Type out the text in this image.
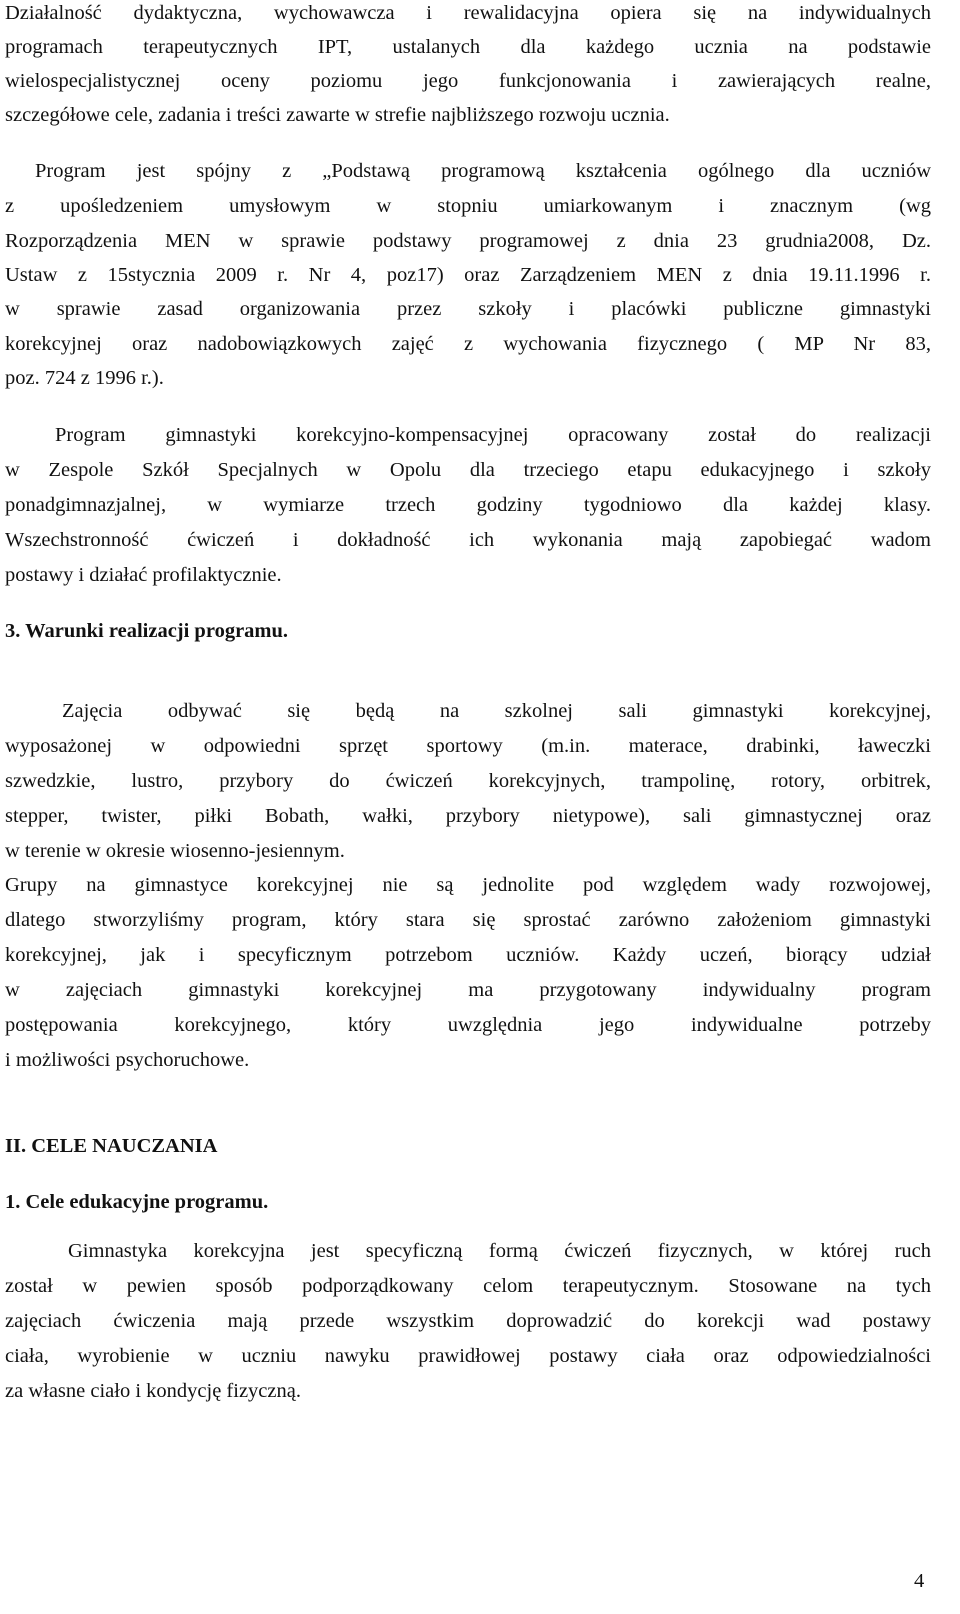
Działalność dydaktyczna, wychowawcza i rewalidacyjna opiera się na indywidualnych
programach terapeutycznych IPT, ustalanych dla każdego ucznia na podstawie
wielospecjalistycznej oceny poziomu jego funkcjonowania i zawierających realne,
szczegółowe cele, zadania i treści zawarte w strefie najbliższego rozwoju ucznia.
Program jest spójny z „Podstawą programową kształcenia ogólnego dla uczniów
z upośledzeniem umysłowym w stopniu umiarkowanym i znacznym (wg
Rozporządzenia MEN w sprawie podstawy programowej z dnia 23 grudnia2008, Dz.
Ustaw z 15stycznia 2009 r. Nr 4, poz17) oraz Zarządzeniem MEN z dnia 19.11.1996 r.
w sprawie zasad organizowania przez szkoły i placówki publiczne gimnastyki
korekcyjnej oraz nadobowiązkowych zajęć z wychowania fizycznego ( MP Nr 83,
poz. 724 z 1996 r.).
Program gimnastyki korekcyjno-kompensacyjnej opracowany został do realizacji
w Zespole Szkół Specjalnych w Opolu dla trzeciego etapu edukacyjnego i szkoły
ponadgimnazjalnej, w wymiarze trzech godziny tygodniowo dla każdej klasy.
Wszechstronność ćwiczeń i dokładność ich wykonania mają zapobiegać wadom
postawy i działać profilaktycznie.
3. Warunki realizacji programu.
Zajęcia odbywać się będą na szkolnej sali gimnastyki korekcyjnej,
wyposażonej w odpowiedni sprzęt sportowy (m.in. materace, drabinki, ławeczki
szwedzkie, lustro, przybory do ćwiczeń korekcyjnych, trampolinę, rotory, orbitrek,
stepper, twister, piłki Bobath, wałki, przybory nietypowe), sali gimnastycznej oraz
w terenie w okresie wiosenno-jesiennym.
Grupy na gimnastyce korekcyjnej nie są jednolite pod względem wady rozwojowej,
dlatego stworzyliśmy program, który stara się sprostać zarówno założeniom gimnastyki
korekcyjnej, jak i specyficznym potrzebom uczniów. Każdy uczeń, biorący udział
w zajęciach gimnastyki korekcyjnej ma przygotowany indywidualny program
postępowania korekcyjnego, który uwzględnia jego indywidualne potrzeby
i możliwości psychoruchowe.
II. CELE NAUCZANIA
1. Cele edukacyjne programu.
Gimnastyka korekcyjna jest specyficzną formą ćwiczeń fizycznych, w której ruch
został w pewien sposób podporządkowany celom terapeutycznym. Stosowane na tych
zajęciach ćwiczenia mają przede wszystkim doprowadzić do korekcji wad postawy
ciała, wyrobienie w uczniu nawyku prawidłowej postawy ciała oraz odpowiedzialności
za własne ciało i kondycję fizyczną.
4
